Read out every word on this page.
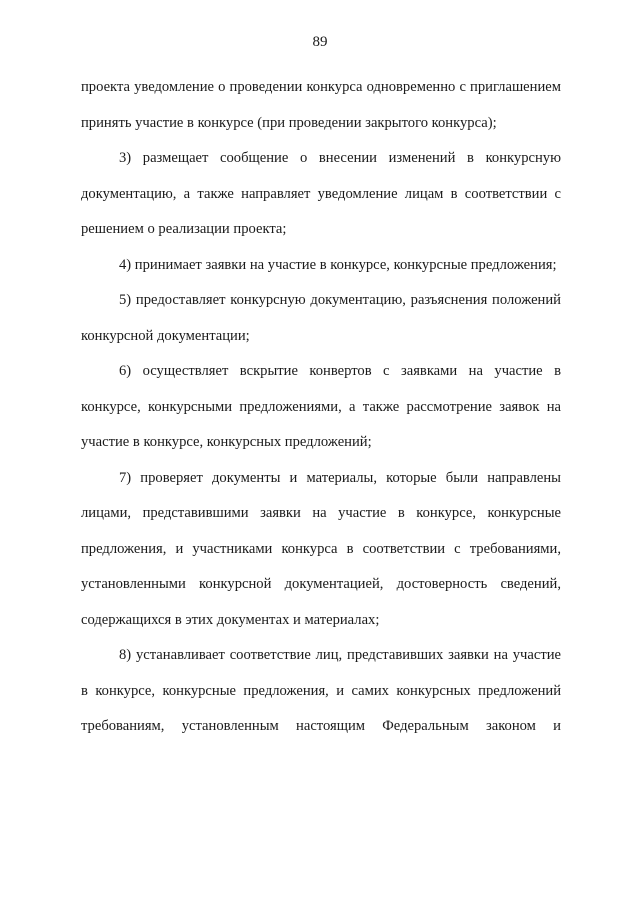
89

проекта уведомление о проведении конкурса одновременно с приглашением принять участие в конкурсе (при проведении закрытого конкурса);

3) размещает сообщение о внесении изменений в конкурсную документацию, а также направляет уведомление лицам в соответствии с решением о реализации проекта;

4) принимает заявки на участие в конкурсе, конкурсные предложения;

5) предоставляет конкурсную документацию, разъяснения положений конкурсной документации;

6) осуществляет вскрытие конвертов с заявками на участие в конкурсе, конкурсными предложениями, а также рассмотрение заявок на участие в конкурсе, конкурсных предложений;

7) проверяет документы и материалы, которые были направлены лицами, представившими заявки на участие в конкурсе, конкурсные предложения, и участниками конкурса в соответствии с требованиями, установленными конкурсной документацией, достоверность сведений, содержащихся в этих документах и материалах;

8) устанавливает соответствие лиц, представивших заявки на участие в конкурсе, конкурсные предложения, и самих конкурсных предложений требованиям, установленным настоящим Федеральным законом и
